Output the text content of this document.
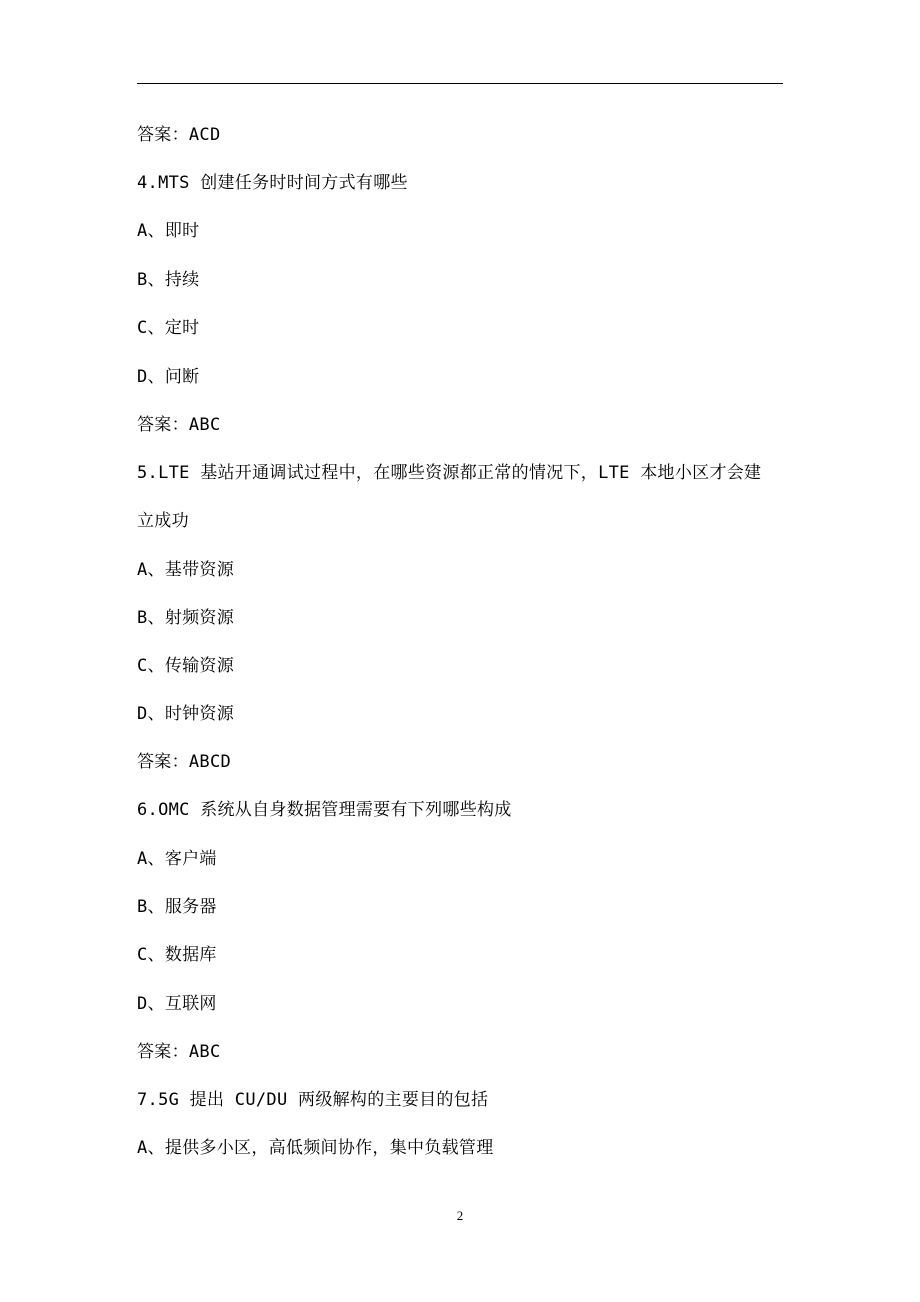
答案：ACD
4.MTS 创建任务时时间方式有哪些
A、即时
B、持续
C、定时
D、问断
答案：ABC
5.LTE 基站开通调试过程中，在哪些资源都正常的情况下，LTE 本地小区才会建
立成功
A、基带资源
B、射频资源
C、传输资源
D、时钟资源
答案：ABCD
6.OMC 系统从自身数据管理需要有下列哪些构成
A、客户端
B、服务器
C、数据库
D、互联网
答案：ABC
7.5G 提出 CU/DU 两级解构的主要目的包括
A、提供多小区，高低频间协作，集中负载管理
2
